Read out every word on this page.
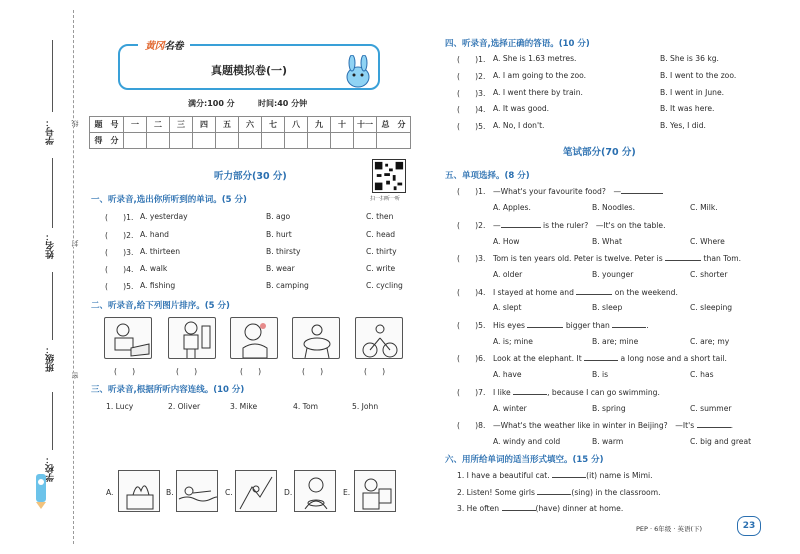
学号：
姓名：
班级：
学校：
线
封
密
真题模拟卷(一)
黄冈名卷
满分:100 分	时间:40 分钟
题　号	一	二	三	四	五	六	七	八	九	十	十一	总　分
得　分												
听力部分(30 分)
扫一扫听一听
一、听录音,选出你所听到的单词。(5 分)
(　　)1. A. yesterday	B. ago	C. then
(　　)2. A. hand	B. hurt	C. head
(　　)3. A. thirteen	B. thirsty	C. thirty
(　　)4. A. walk	B. wear	C. write
(　　)5. A. fishing	B. camping	C. cycling
二、听录音,给下列图片排序。(5 分)
(　　)	(　　)	(　　)	(　　)	(　　)
三、听录音,根据所听内容连线。(10 分)
1. Lucy	2. Oliver	3. Mike	4. Tom	5. John
A.	B.	C.	D.	E.
四、听录音,选择正确的答语。(10 分)
(　　)1. A. She is 1.63 metres.	B. She is 36 kg.
(　　)2. A. I am going to the zoo.	B. I went to the zoo.
(　　)3. A. I went there by train.	B. I went in June.
(　　)4. A. It was good.	B. It was here.
(　　)5. A. No, I don't.	B. Yes, I did.
笔试部分(70 分)
五、单项选择。(8 分)
(　　)1. —What's your favourite food?　—
A. Apples.	B. Noodles.	C. Milk.
(　　)2. —	is the ruler?　—It's on the table.
A. How	B. What	C. Where
(　　)3. Tom is ten years old. Peter is twelve. Peter is	than Tom.
A. older	B. younger	C. shorter
(　　)4. I stayed at home and	on the weekend.
A. slept	B. sleep	C. sleeping
(　　)5. His eyes	bigger than	.
A. is; mine	B. are; mine	C. are; my
(　　)6. Look at the elephant. It	a long nose and a short tail.
A. have	B. is	C. has
(　　)7. I like	, because I can go swimming.
A. winter	B. spring	C. summer
(　　)8. —What's the weather like in winter in Beijing?　—It's	.
A. windy and cold	B. warm	C. big and great
六、用所给单词的适当形式填空。(15 分)
1. I have a beautiful cat.	(it) name is Mimi.
2. Listen! Some girls	(sing) in the classroom.
3. He often	(have) dinner at home.
PEP · 6年级 · 英语(下)	23
